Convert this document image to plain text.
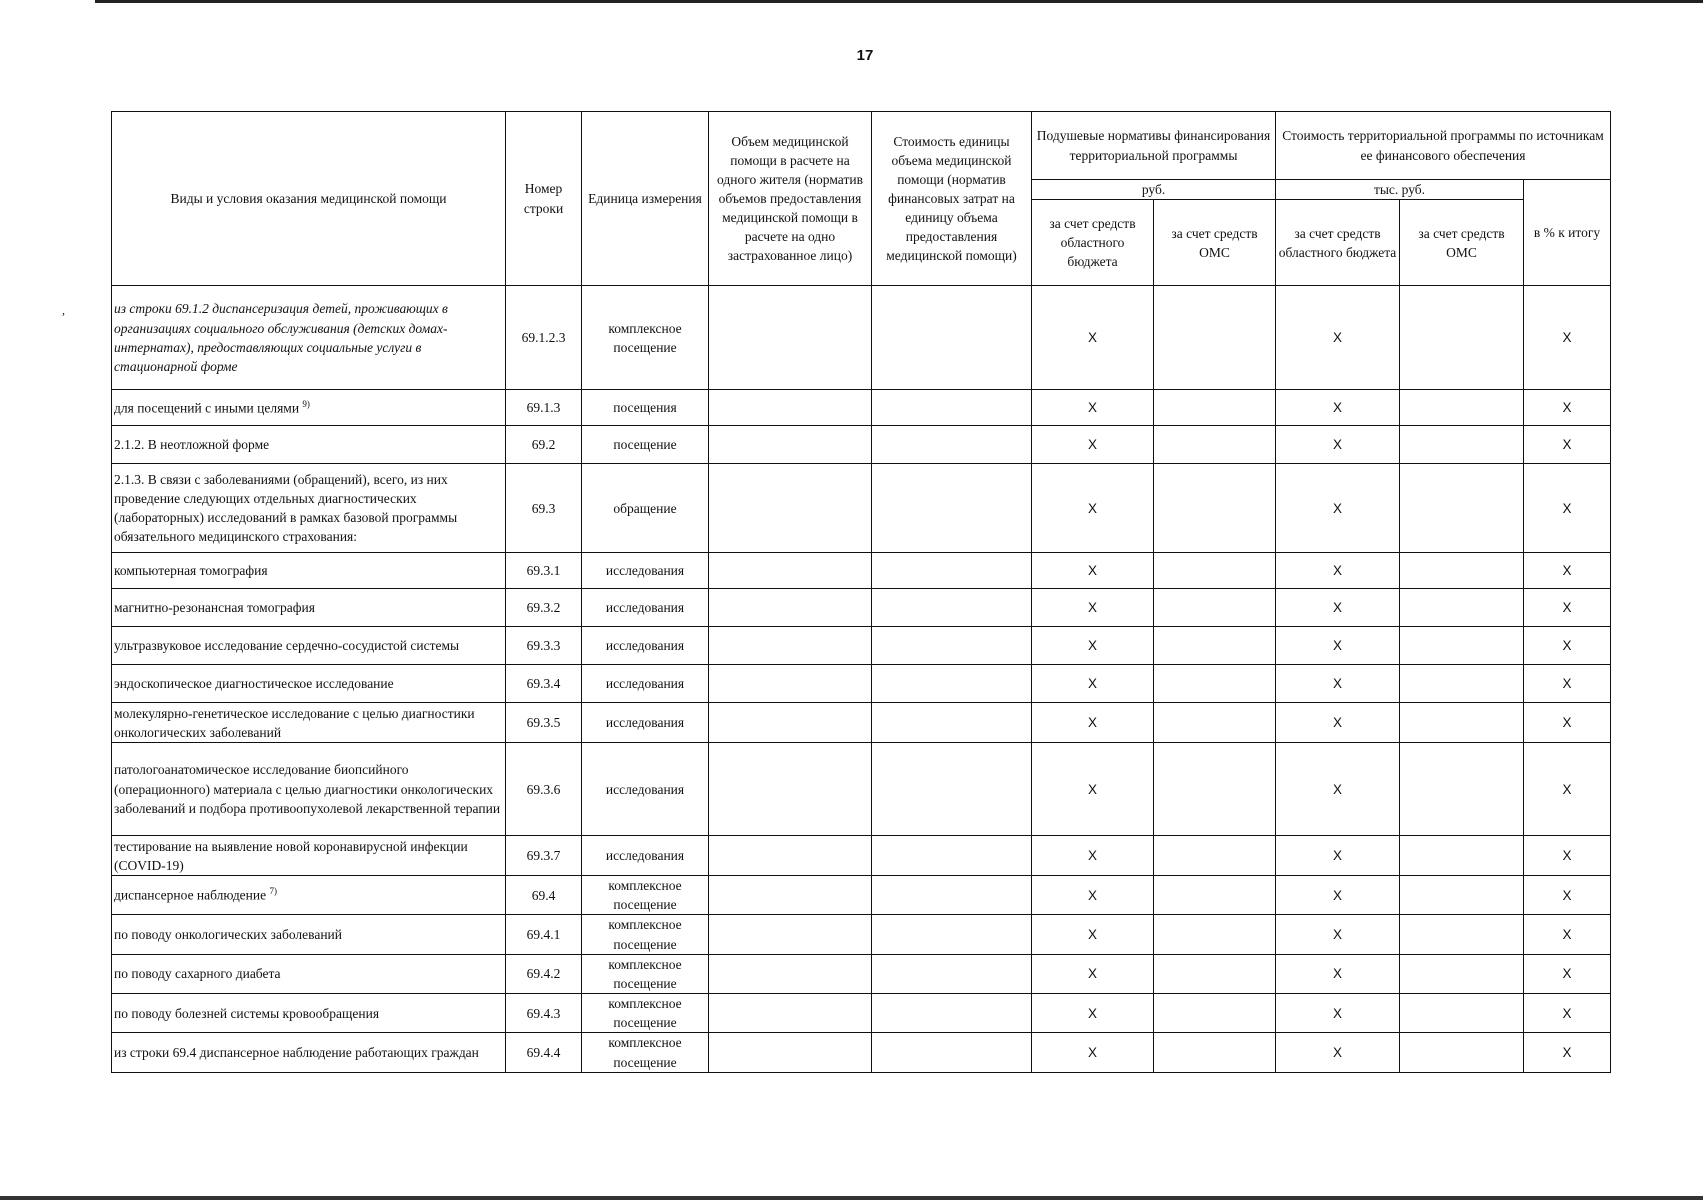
17
,
Виды и условия оказания медицинской помощи	Номер строки	Единица измерения	Объем медицинской помощи в расчете на одного жителя (норматив объемов предоставления медицинской помощи в расчете на одно застрахованное лицо)	Стоимость единицы объема медицинской помощи (норматив финансовых затрат на единицу объема предоставления медицинской помощи)	Подушевые нормативы финансирования территориальной программы		Стоимость территориальной программы по источникам ее финансового обеспечения		
					руб.		тыс. руб.		в % к итогу
					за счет средств областного бюджета	за счет средств ОМС	за счет средств областного бюджета	за счет средств ОМС	
из строки 69.1.2 диспансеризация детей, проживающих в организациях социального обслуживания (детских домах-интернатах), предоставляющих социальные услуги в стационарной форме	69.1.2.3	комплексное посещение			X		X		X
для посещений с иными целями $^{9)}$	69.1.3	посещения			X		X		X
2.1.2. В неотложной форме	69.2	посещение			X		X		X
2.1.3. В связи с заболеваниями (обращений), всего, из них проведение следующих отдельных диагностических (лабораторных) исследований в рамках базовой программы обязательного медицинского страхования:	69.3	обращение			X		X		X
компьютерная томография	69.3.1	исследования			X		X		X
магнитно-резонансная томография	69.3.2	исследования			X		X		X
ультразвуковое исследование сердечно-сосудистой системы	69.3.3	исследования			X		X		X
эндоскопическое диагностическое исследование	69.3.4	исследования			X		X		X
молекулярно-генетическое исследование с целью диагностики онкологических заболеваний	69.3.5	исследования			X		X		X
патологоанатомическое исследование биопсийного (операционного) материала с целью диагностики онкологических заболеваний и подбора противоопухолевой лекарственной терапии	69.3.6	исследования			X		X		X
тестирование на выявление новой коронавирусной инфекции (COVID-19)	69.3.7	исследования			X		X		X
диспансерное наблюдение $^{7)}$	69.4	комплексное посещение			X		X		X
по поводу онкологических заболеваний	69.4.1	комплексное посещение			X		X		X
по поводу сахарного диабета	69.4.2	комплексное посещение			X		X		X
по поводу болезней системы кровообращения	69.4.3	комплексное посещение			X		X		X
из строки 69.4 диспансерное наблюдение работающих граждан	69.4.4	комплексное посещение			X		X		X
